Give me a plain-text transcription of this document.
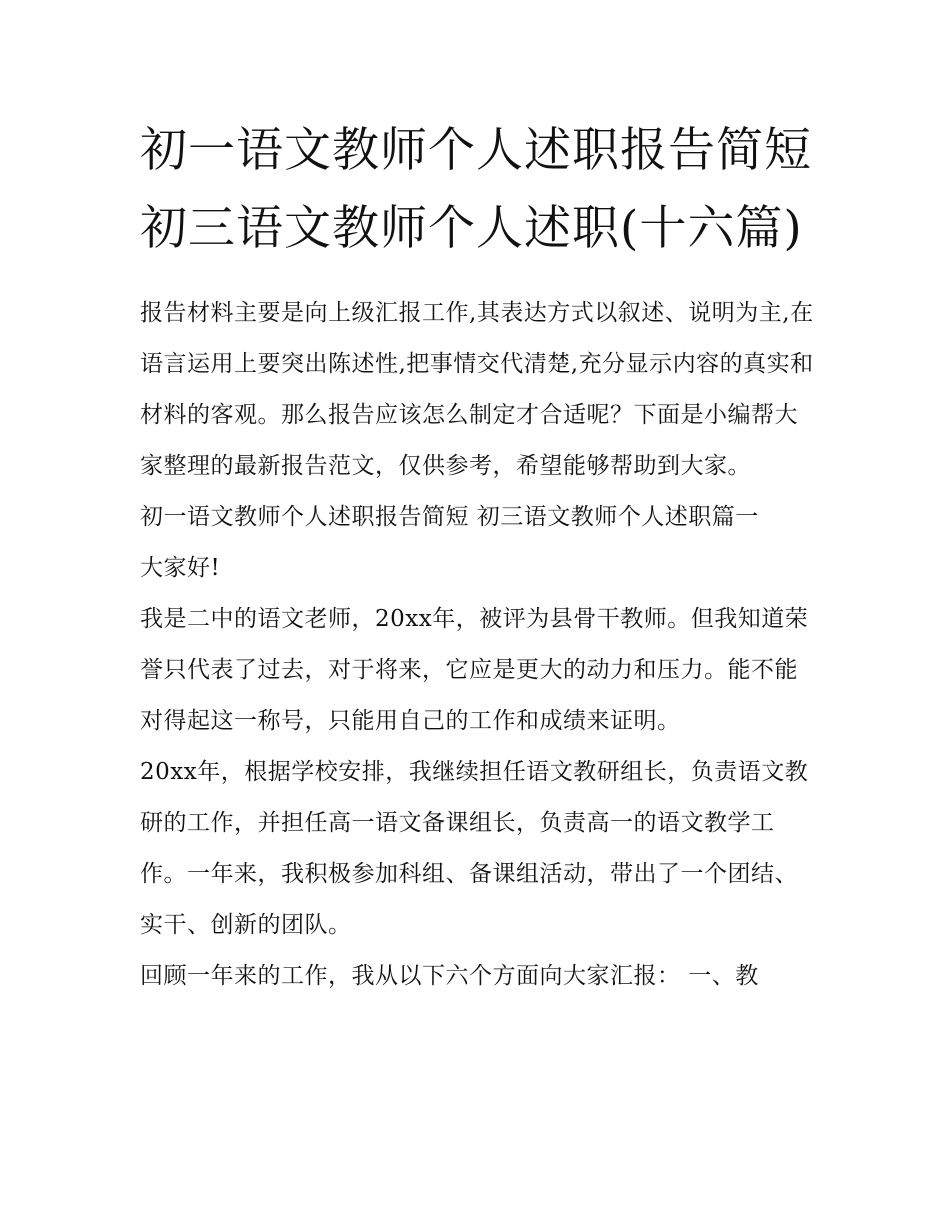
初一语文教师个人述职报告简短 初三语文教师个人述职(十六篇)

报告材料主要是向上级汇报工作,其表达方式以叙述、说明为主,在语言运用上要突出陈述性,把事情交代清楚,充分显示内容的真实和材料的客观。那么报告应该怎么制定才合适呢？下面是小编帮大家整理的最新报告范文，仅供参考，希望能够帮助到大家。

初一语文教师个人述职报告简短 初三语文教师个人述职篇一

大家好!

我是二中的语文老师，20xx年，被评为县骨干教师。但我知道荣誉只代表了过去，对于将来，它应是更大的动力和压力。能不能对得起这一称号，只能用自己的工作和成绩来证明。

20xx年，根据学校安排，我继续担任语文教研组长，负责语文教研的工作，并担任高一语文备课组长，负责高一的语文教学工作。一年来，我积极参加科组、备课组活动，带出了一个团结、实干、创新的团队。

回顾一年来的工作，我从以下六个方面向大家汇报： 一、教
